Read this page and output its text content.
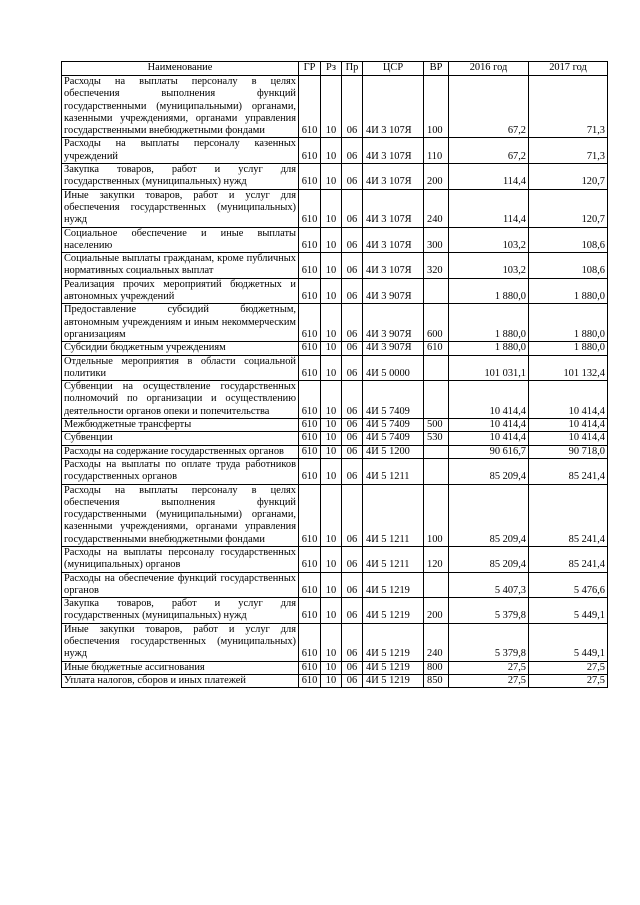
Наименование	ГР	Рз	Пр	ЦСР	ВР	2016 год	2017 год
Расходы на выплаты персоналу в целях обеспечения выполнения функций государственными (муниципальными) органами, казенными учреждениями, органами управления государственными внебюджетными фондами	610	10	06	4И 3 107Я	100	67,2	71,3
Расходы на выплаты персоналу казенных учреждений	610	10	06	4И 3 107Я	110	67,2	71,3
Закупка товаров, работ и услуг для государственных (муниципальных) нужд	610	10	06	4И 3 107Я	200	114,4	120,7
Иные закупки товаров, работ и услуг для обеспечения государственных (муниципальных) нужд	610	10	06	4И 3 107Я	240	114,4	120,7
Социальное обеспечение и иные выплаты населению	610	10	06	4И 3 107Я	300	103,2	108,6
Социальные выплаты гражданам, кроме публичных нормативных социальных выплат	610	10	06	4И 3 107Я	320	103,2	108,6
Реализация прочих мероприятий бюджетных и автономных учреждений	610	10	06	4И 3 907Я		1 880,0	1 880,0
Предоставление субсидий бюджетным, автономным учреждениям и иным некоммерческим организациям	610	10	06	4И 3 907Я	600	1 880,0	1 880,0
Субсидии бюджетным учреждениям	610	10	06	4И 3 907Я	610	1 880,0	1 880,0
Отдельные мероприятия в области социальной политики	610	10	06	4И 5 0000		101 031,1	101 132,4
Субвенции на осуществление государственных полномочий по организации и осуществлению деятельности органов опеки и попечительства	610	10	06	4И 5 7409		10 414,4	10 414,4
Межбюджетные трансферты	610	10	06	4И 5 7409	500	10 414,4	10 414,4
Субвенции	610	10	06	4И 5 7409	530	10 414,4	10 414,4
Расходы на содержание государственных органов	610	10	06	4И 5 1200		90 616,7	90 718,0
Расходы на выплаты по оплате труда работников государственных органов	610	10	06	4И 5 1211		85 209,4	85 241,4
Расходы на выплаты персоналу в целях обеспечения выполнения функций государственными (муниципальными) органами, казенными учреждениями, органами управления государственными внебюджетными фондами	610	10	06	4И 5 1211	100	85 209,4	85 241,4
Расходы на выплаты персоналу государственных (муниципальных) органов	610	10	06	4И 5 1211	120	85 209,4	85 241,4
Расходы на обеспечение функций государственных органов	610	10	06	4И 5 1219		5 407,3	5 476,6
Закупка товаров, работ и услуг для государственных (муниципальных) нужд	610	10	06	4И 5 1219	200	5 379,8	5 449,1
Иные закупки товаров, работ и услуг для обеспечения государственных (муниципальных) нужд	610	10	06	4И 5 1219	240	5 379,8	5 449,1
Иные бюджетные ассигнования	610	10	06	4И 5 1219	800	27,5	27,5
Уплата налогов, сборов и иных платежей	610	10	06	4И 5 1219	850	27,5	27,5
